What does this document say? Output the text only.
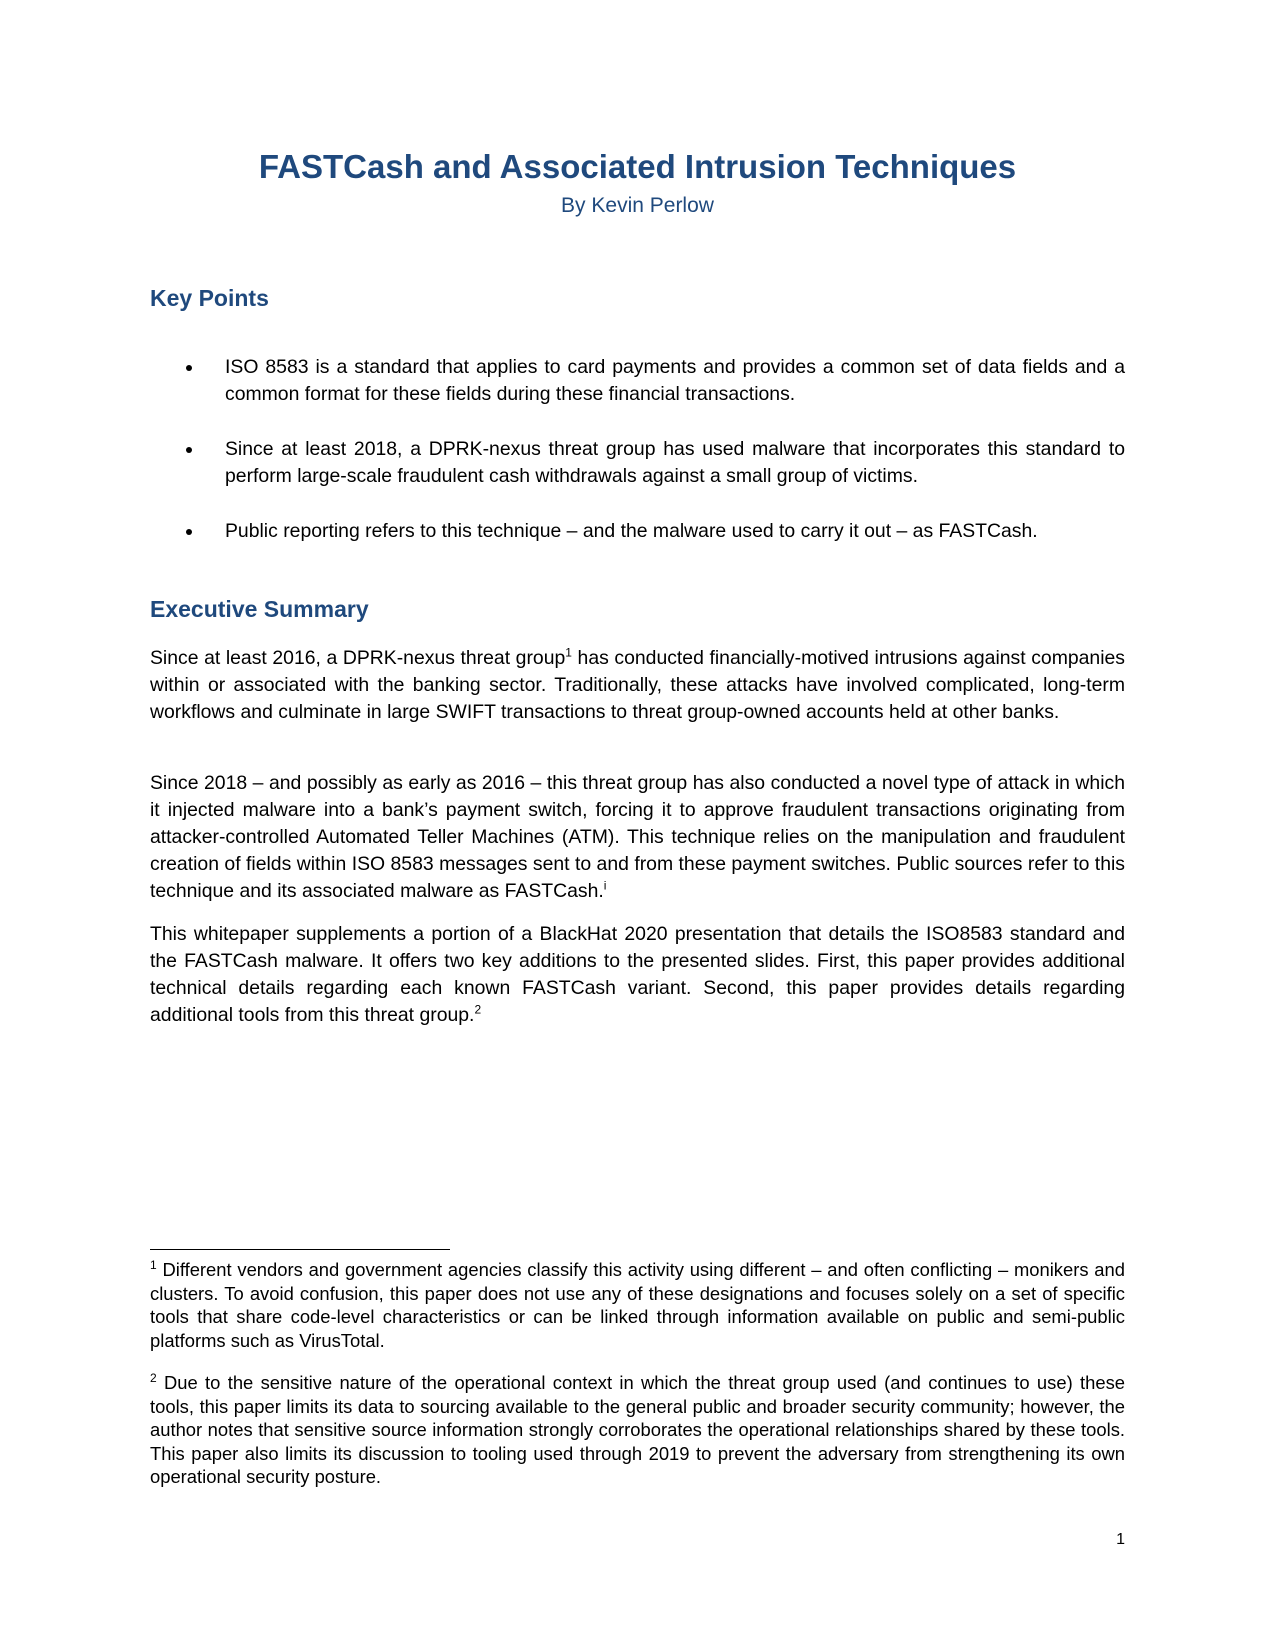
FASTCash and Associated Intrusion Techniques
By Kevin Perlow
Key Points
ISO 8583 is a standard that applies to card payments and provides a common set of data fields and a common format for these fields during these financial transactions.
Since at least 2018, a DPRK-nexus threat group has used malware that incorporates this standard to perform large-scale fraudulent cash withdrawals against a small group of victims.
Public reporting refers to this technique – and the malware used to carry it out – as FASTCash.
Executive Summary

Since at least 2016, a DPRK-nexus threat group$^1$ has conducted financially-motived intrusions against companies within or associated with the banking sector. Traditionally, these attacks have involved complicated, long-term workflows and culminate in large SWIFT transactions to threat group-owned accounts held at other banks.

Since 2018 – and possibly as early as 2016 – this threat group has also conducted a novel type of attack in which it injected malware into a bank’s payment switch, forcing it to approve fraudulent transactions originating from attacker-controlled Automated Teller Machines (ATM). This technique relies on the manipulation and fraudulent creation of fields within ISO 8583 messages sent to and from these payment switches. Public sources refer to this technique and its associated malware as FASTCash.$^i$

This whitepaper supplements a portion of a BlackHat 2020 presentation that details the ISO8583 standard and the FASTCash malware. It offers two key additions to the presented slides. First, this paper provides additional technical details regarding each known FASTCash variant. Second, this paper provides details regarding additional tools from this threat group.$^2$

$^1$ Different vendors and government agencies classify this activity using different – and often conflicting – monikers and clusters. To avoid confusion, this paper does not use any of these designations and focuses solely on a set of specific tools that share code-level characteristics or can be linked through information available on public and semi-public platforms such as VirusTotal.

$^2$ Due to the sensitive nature of the operational context in which the threat group used (and continues to use) these tools, this paper limits its data to sourcing available to the general public and broader security community; however, the author notes that sensitive source information strongly corroborates the operational relationships shared by these tools. This paper also limits its discussion to tooling used through 2019 to prevent the adversary from strengthening its own operational security posture.

1
